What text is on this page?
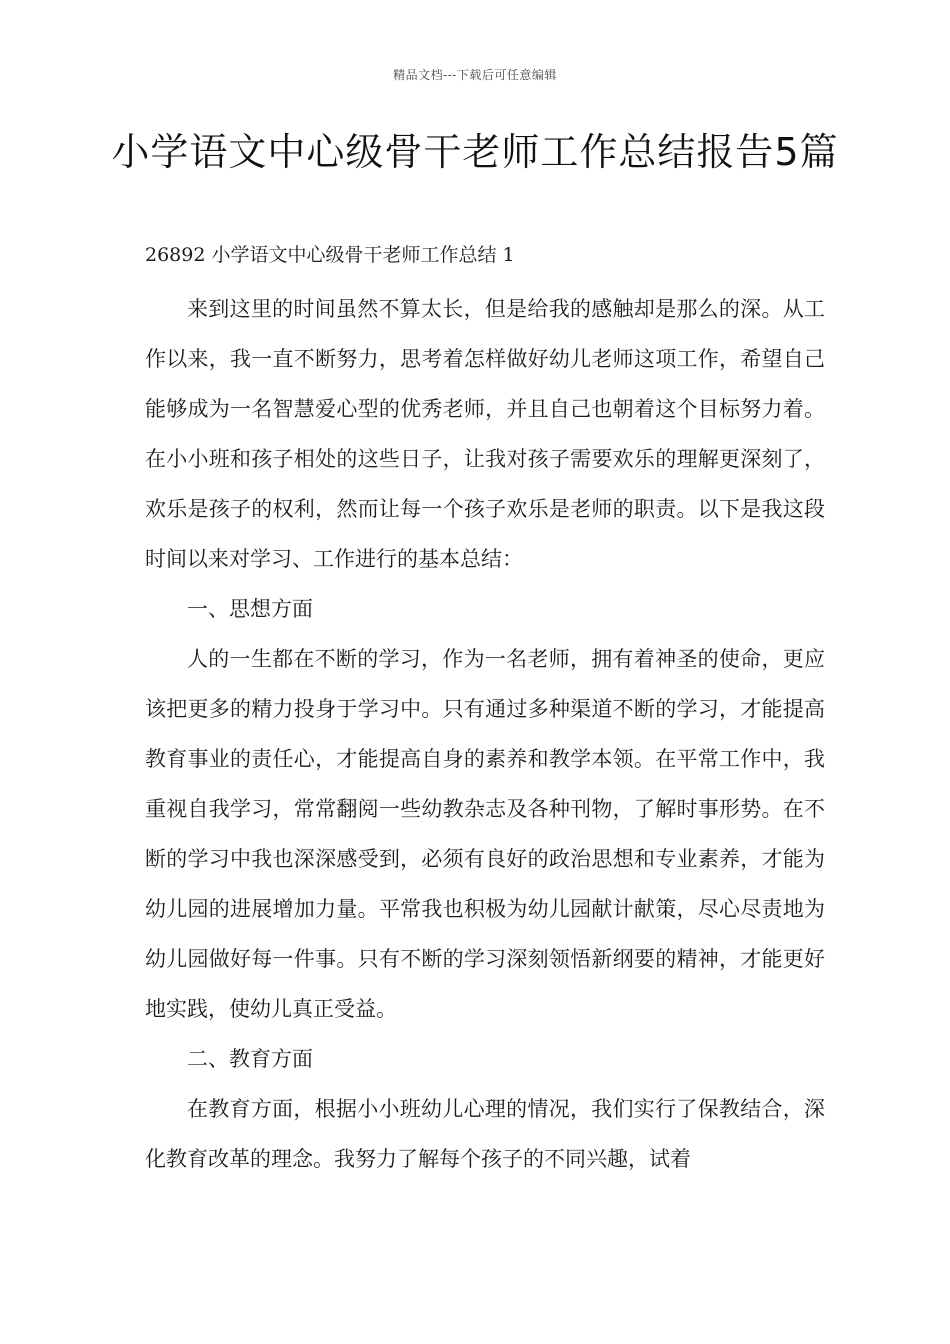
精品文档---下载后可任意编辑
小学语文中心级骨干老师工作总结报告5篇
26892 小学语文中心级骨干老师工作总结 1

来到这里的时间虽然不算太长，但是给我的感触却是那么的深。从工作以来，我一直不断努力，思考着怎样做好幼儿老师这项工作，希望自己能够成为一名智慧爱心型的优秀老师，并且自己也朝着这个目标努力着。在小小班和孩子相处的这些日子，让我对孩子需要欢乐的理解更深刻了，欢乐是孩子的权利，然而让每一个孩子欢乐是老师的职责。以下是我这段时间以来对学习、工作进行的基本总结：

一、思想方面

人的一生都在不断的学习，作为一名老师，拥有着神圣的使命，更应该把更多的精力投身于学习中。只有通过多种渠道不断的学习，才能提高教育事业的责任心，才能提高自身的素养和教学本领。在平常工作中，我重视自我学习，常常翻阅一些幼教杂志及各种刊物，了解时事形势。在不断的学习中我也深深感受到，必须有良好的政治思想和专业素养，才能为幼儿园的进展增加力量。平常我也积极为幼儿园献计献策，尽心尽责地为幼儿园做好每一件事。只有不断的学习深刻领悟新纲要的精神，才能更好地实践，使幼儿真正受益。

二、教育方面

在教育方面，根据小小班幼儿心理的情况，我们实行了保教结合，深化教育改革的理念。我努力了解每个孩子的不同兴趣，试着
